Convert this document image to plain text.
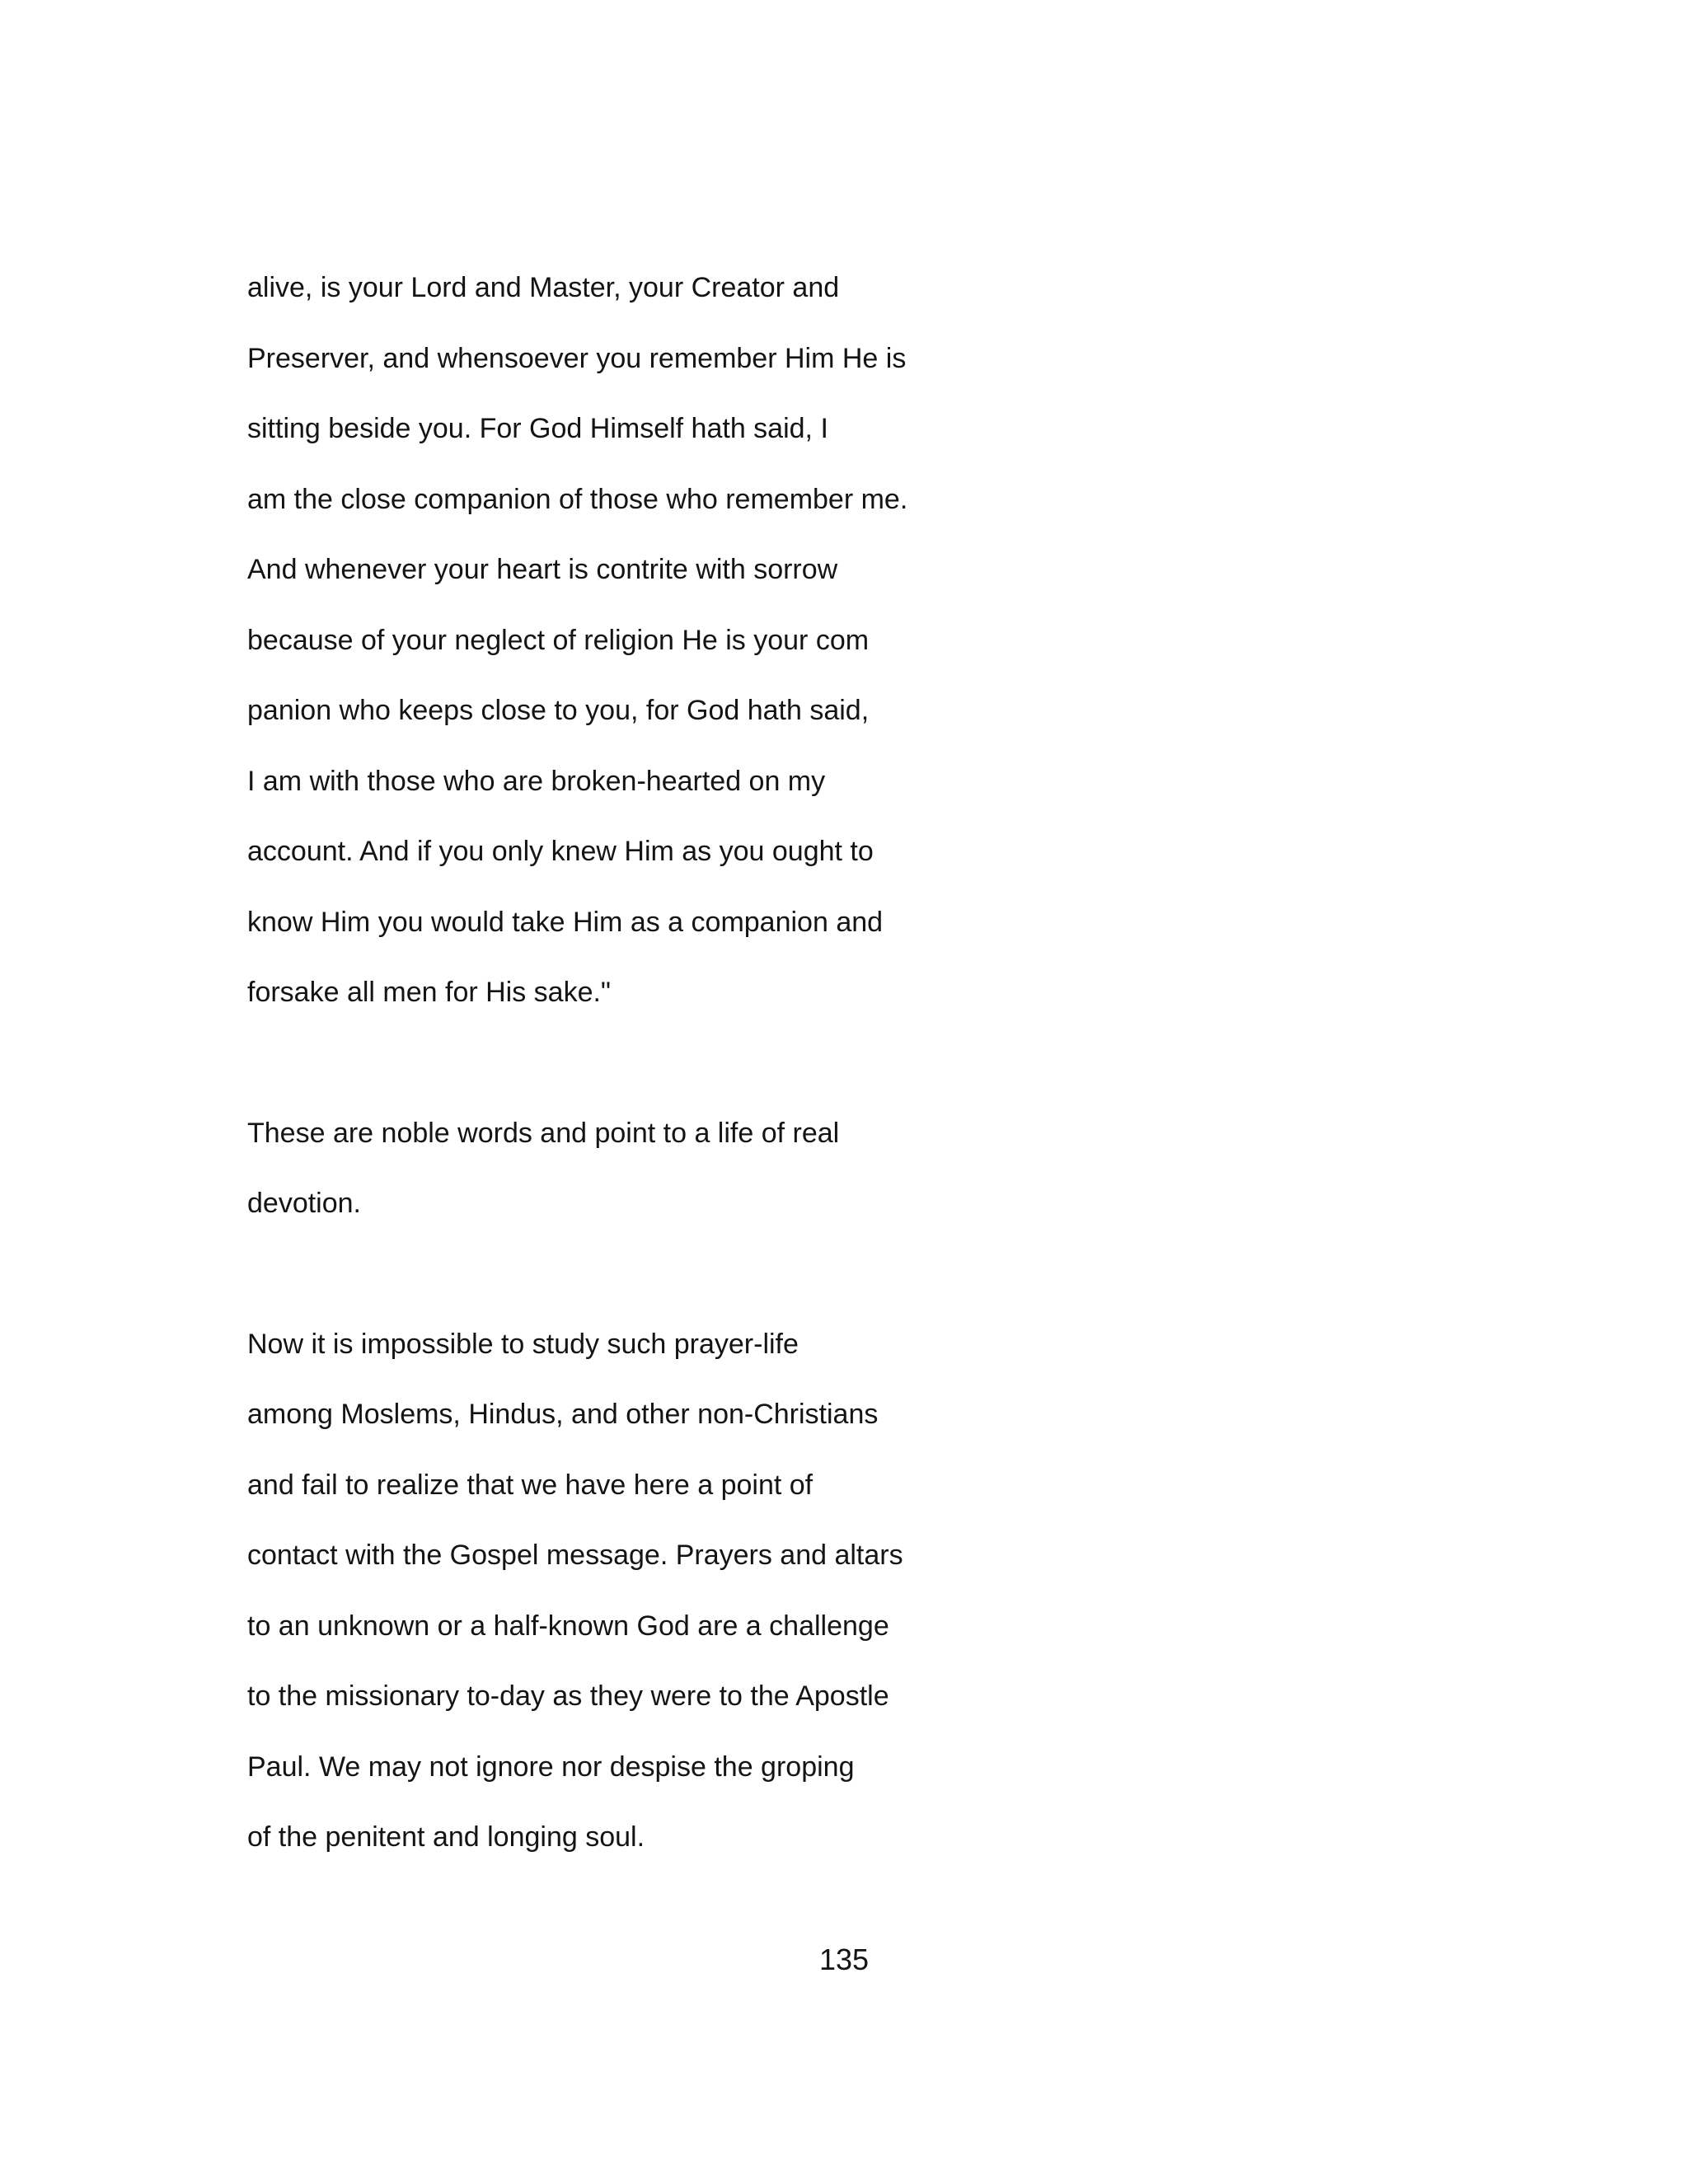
alive, is your Lord and Master, your Creator and
Preserver, and whensoever you remember Him He is
sitting beside you. For God Himself hath said, I
am the close companion of those who remember me.
And whenever your heart is contrite with sorrow
because of your neglect of religion He is your com
panion who keeps close to you, for God hath said,
I am with those who are broken-hearted on my
account. And if you only knew Him as you ought to
know Him you would take Him as a companion and
forsake all men for His sake."
These are noble words and point to a life of real
devotion.
Now it is impossible to study such prayer-life
among Moslems, Hindus, and other non-Christians
and fail to realize that we have here a point of
contact with the Gospel message. Prayers and altars
to an unknown or a half-known God are a challenge
to the missionary to-day as they were to the Apostle
Paul. We may not ignore nor despise the groping
of the penitent and longing soul.
135
